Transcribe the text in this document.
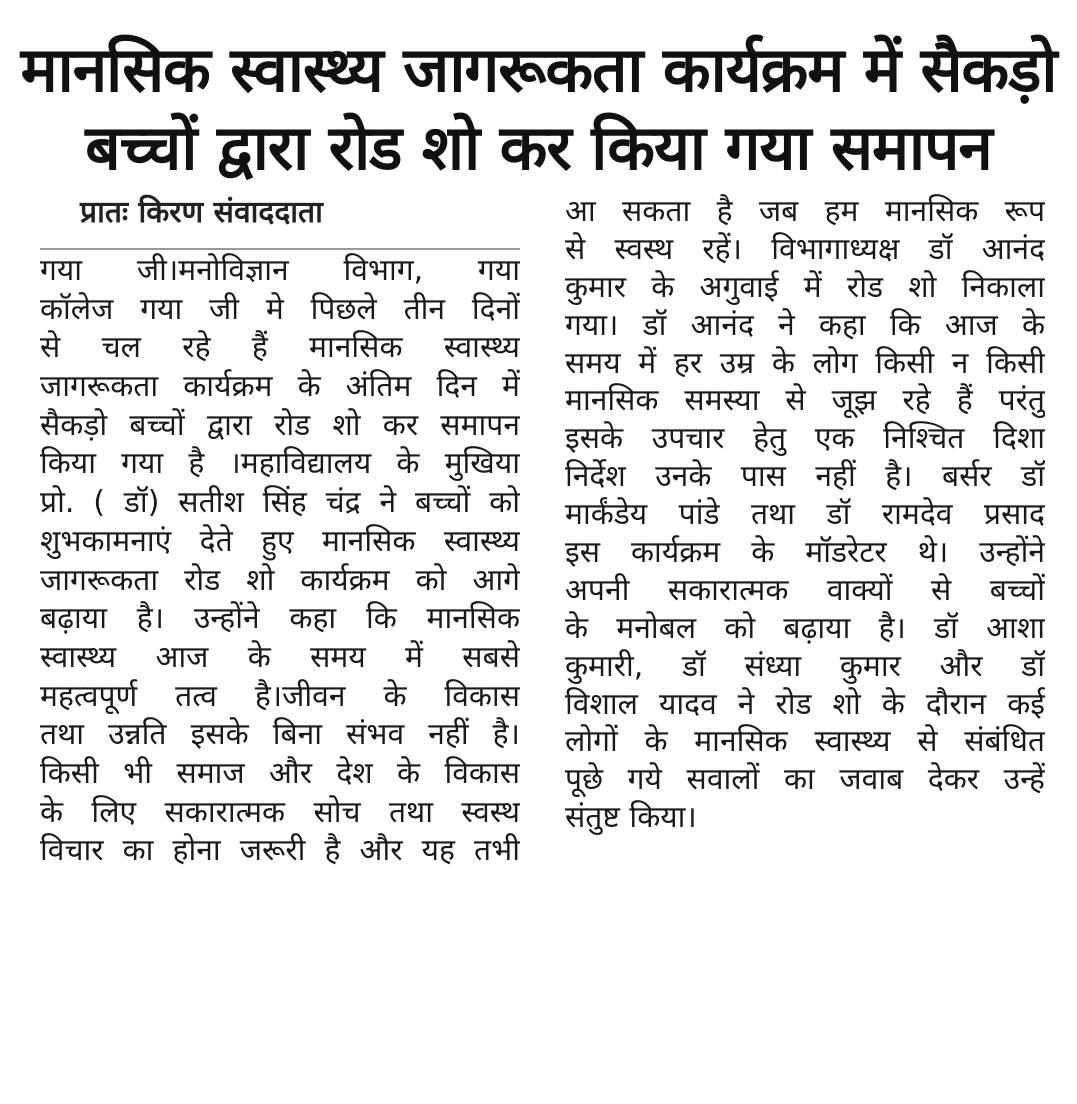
मानसिक स्वास्थ्य जागरूकता कार्यक्रम में सैकड़ो
बच्चों द्वारा रोड शो कर किया गया समापन
प्रातः किरण संवाददाता
गया जी।मनोविज्ञान विभाग, गया
कॉलेज गया जी मे पिछले तीन दिनों
से चल रहे हैं मानसिक स्वास्थ्य
जागरूकता कार्यक्रम के अंतिम दिन में
सैकड़ो बच्चों द्वारा रोड शो कर समापन
किया गया है ।महाविद्यालय के मुखिया
प्रो. ( डॉ) सतीश सिंह चंद्र ने बच्चों को
शुभकामनाएं देते हुए मानसिक स्वास्थ्य
जागरूकता रोड शो कार्यक्रम को आगे
बढ़ाया है। उन्होंने कहा कि मानसिक
स्वास्थ्य आज के समय में सबसे
महत्वपूर्ण तत्व है।जीवन के विकास
तथा उन्नति इसके बिना संभव नहीं है।
किसी भी समाज और देश के विकास
के लिए सकारात्मक सोच तथा स्वस्थ
विचार का होना जरूरी है और यह तभी
आ सकता है जब हम मानसिक रूप
से स्वस्थ रहें। विभागाध्यक्ष डॉ आनंद
कुमार के अगुवाई में रोड शो निकाला
गया। डॉ आनंद ने कहा कि आज के
समय में हर उम्र के लोग किसी न किसी
मानसिक समस्या से जूझ रहे हैं परंतु
इसके उपचार हेतु एक निश्चित दिशा
निर्देश उनके पास नहीं है। बर्सर डॉ
मार्कंडेय पांडे तथा डॉ रामदेव प्रसाद
इस कार्यक्रम के मॉडरेटर थे। उन्होंने
अपनी सकारात्मक वाक्यों से बच्चों
के मनोबल को बढ़ाया है। डॉ आशा
कुमारी, डॉ संध्या कुमार और डॉ
विशाल यादव ने रोड शो के दौरान कई
लोगों के मानसिक स्वास्थ्य से संबंधित
पूछे गये सवालों का जवाब देकर उन्हें
संतुष्ट किया।
